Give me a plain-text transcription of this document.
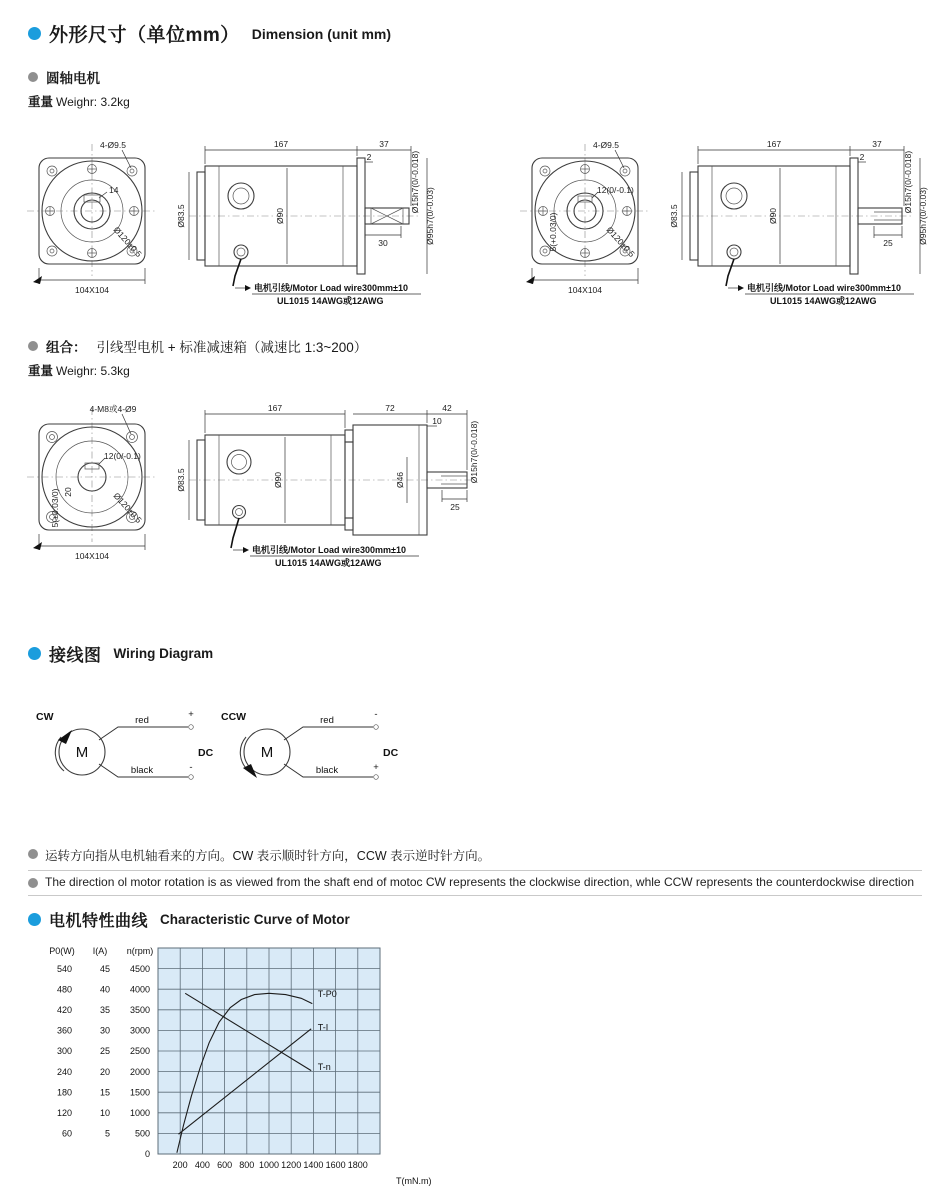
外形尺寸（单位mm） Dimension (unit mm)
圆轴电机
重量 Weighr: 3.2kg
4-Ø9.5
14
Ø120±0.5
104X104
167	37
2
Ø83.5	Ø90
Ø15h7(0/-0.018)
Ø95h7(0/-0.03)
30
电机引线/Motor Load wire300mm±10
UL1015 14AWG或12AWG
4-Ø9.5
12(0/-0.1)
5(+0.03/0)	Ø120±0.5
104X104
167	37
2
Ø83.5	Ø90
Ø15h7(0/-0.018)
Ø95h7(0/-0.03)
25
电机引线/Motor Load wire300mm±10
UL1015 14AWG或12AWG
组合： 引线型电机 + 标准减速箱（减速比 1:3~200）
重量 Weighr: 5.3kg
4-M8或4-Ø9
12(0/-0.1)
20
5(+0.03/0)	Ø120±0.5
104X104
167	72	42
10
Ø46
Ø83.5	Ø90	Ø15h7(0/-0.018)
25
电机引线/Motor Load wire300mm±10
UL1015 14AWG或12AWG
接线图 Wiring Diagram
CW
M
red
black
+
-
DC
CCW
M
red
black
-
+
DC
运转方向指从电机轴看来的方向。CW 表示顺时针方向，CCW 表示逆时针方向。
The direction ol motor rotation is as viewed from the shaft end of motoc CW represents the clockwise direction, whle CCW represents the counterdockwise direction
电机特性曲线 Characteristic Curve of Motor
P0(W)
540
480
420
360
300
240
180
120
60
I(A)
45
40
35
30
25
20
15
10
5
n(rpm)
4500
4000
3500
3000
2500
2000
1500
1000
500
0
200 400 600 800 1000 1200 1400 1600 1800
T(mN.m)
T-P0
T-I
T-n
